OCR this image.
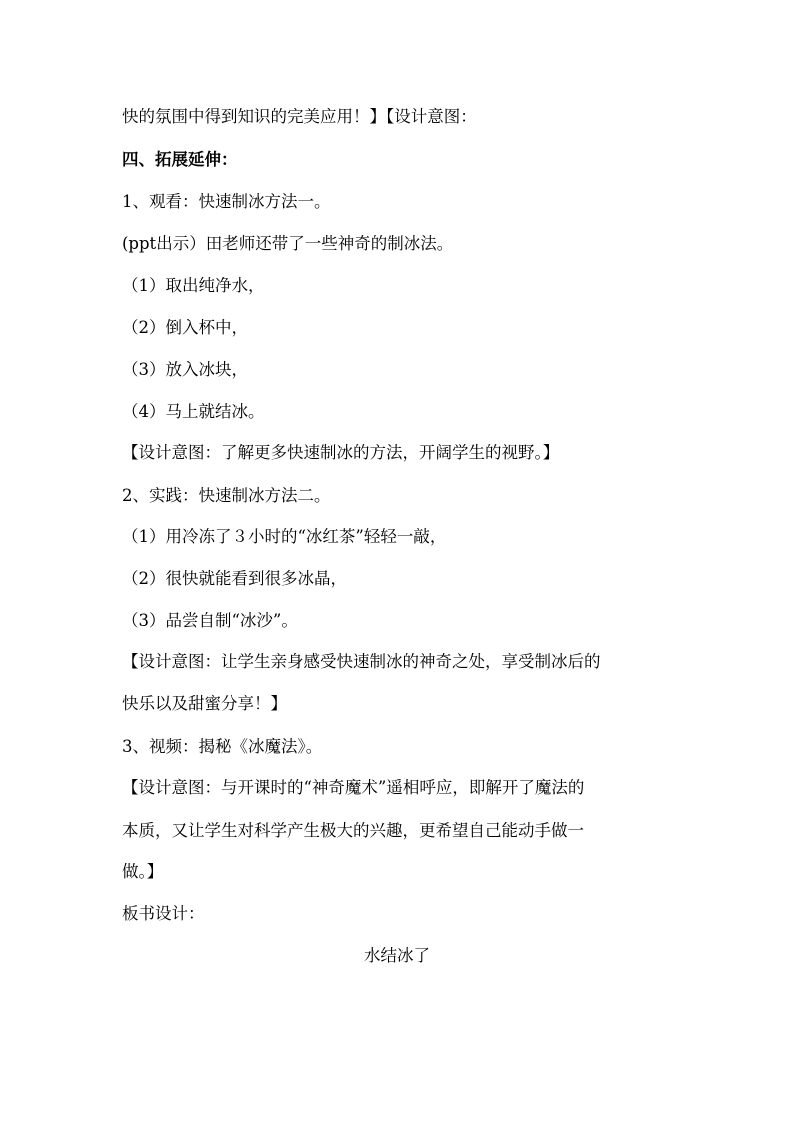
快的氛围中得到知识的完美应用！】【设计意图：
四、拓展延伸：
1、观看：快速制冰方法一。
(ppt出示）田老师还带了一些神奇的制冰法。
（1）取出纯净水，
（2）倒入杯中，
（3）放入冰块，
（4）马上就结冰。
【设计意图：了解更多快速制冰的方法，开阔学生的视野。】
2、实践：快速制冰方法二。
（1）用冷冻了３小时的“冰红茶”轻轻一敲，
（2）很快就能看到很多冰晶，
（3）品尝自制“冰沙”。
【设计意图：让学生亲身感受快速制冰的神奇之处，享受制冰后的
快乐以及甜蜜分享！】
3、视频：揭秘《冰魔法》。
【设计意图：与开课时的“神奇魔术”遥相呼应，即解开了魔法的
本质，又让学生对科学产生极大的兴趣，更希望自己能动手做一
做。】
板书设计：
水结冰了
